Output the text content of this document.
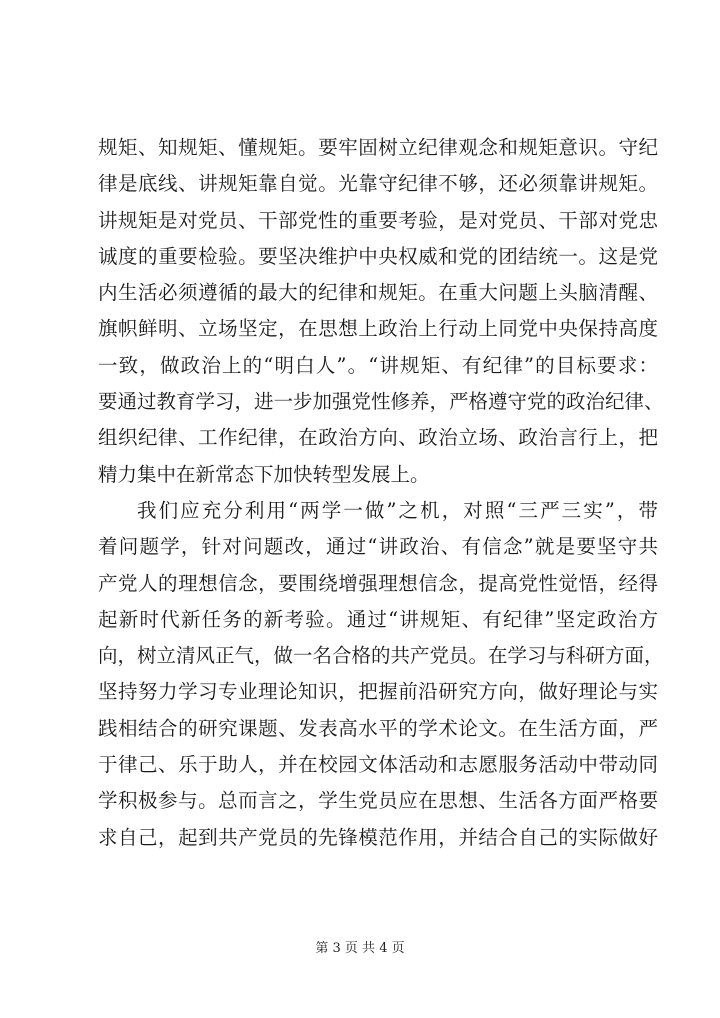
规矩、知规矩、懂规矩。要牢固树立纪律观念和规矩意识。守纪
律是底线、讲规矩靠自觉。光靠守纪律不够，还必须靠讲规矩。
讲规矩是对党员、干部党性的重要考验，是对党员、干部对党忠
诚度的重要检验。要坚决维护中央权威和党的团结统一。这是党
内生活必须遵循的最大的纪律和规矩。在重大问题上头脑清醒、
旗帜鲜明、立场坚定，在思想上政治上行动上同党中央保持高度
一致，做政治上的“明白人”。“讲规矩、有纪律”的目标要求：
要通过教育学习，进一步加强党性修养，严格遵守党的政治纪律、
组织纪律、工作纪律，在政治方向、政治立场、政治言行上，把
精力集中在新常态下加快转型发展上。
我们应充分利用“两学一做”之机，对照“三严三实”，带
着问题学，针对问题改，通过“讲政治、有信念”就是要坚守共
产党人的理想信念，要围绕增强理想信念，提高党性觉悟，经得
起新时代新任务的新考验。通过“讲规矩、有纪律”坚定政治方
向，树立清风正气，做一名合格的共产党员。在学习与科研方面，
坚持努力学习专业理论知识，把握前沿研究方向，做好理论与实
践相结合的研究课题、发表高水平的学术论文。在生活方面，严
于律己、乐于助人，并在校园文体活动和志愿服务活动中带动同
学积极参与。总而言之，学生党员应在思想、生活各方面严格要
求自己，起到共产党员的先锋模范作用，并结合自己的实际做好
第 3 页 共 4 页
